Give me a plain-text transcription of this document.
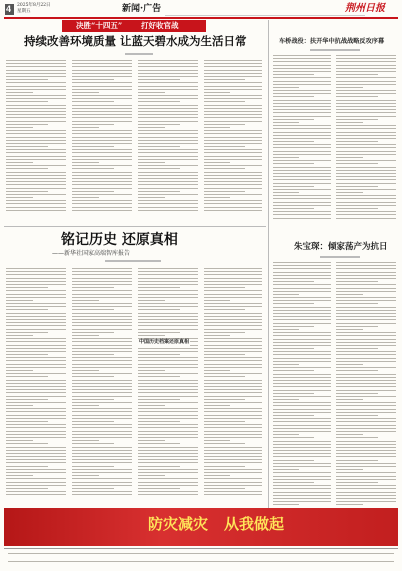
4 2025年8月22日
星期五	新闻·广告	荆州日报
决胜“十四五”	打好收官战
持续改善环境质量 让蓝天碧水成为生活日常	车桥战役：扶开华中抗战战略反攻序幕
朱宝琛：倾家荡产为抗日
铭记历史 还原真相
——新华社国家高端智库报告
中国历史档案还原真相
防灾减灾 从我做起
